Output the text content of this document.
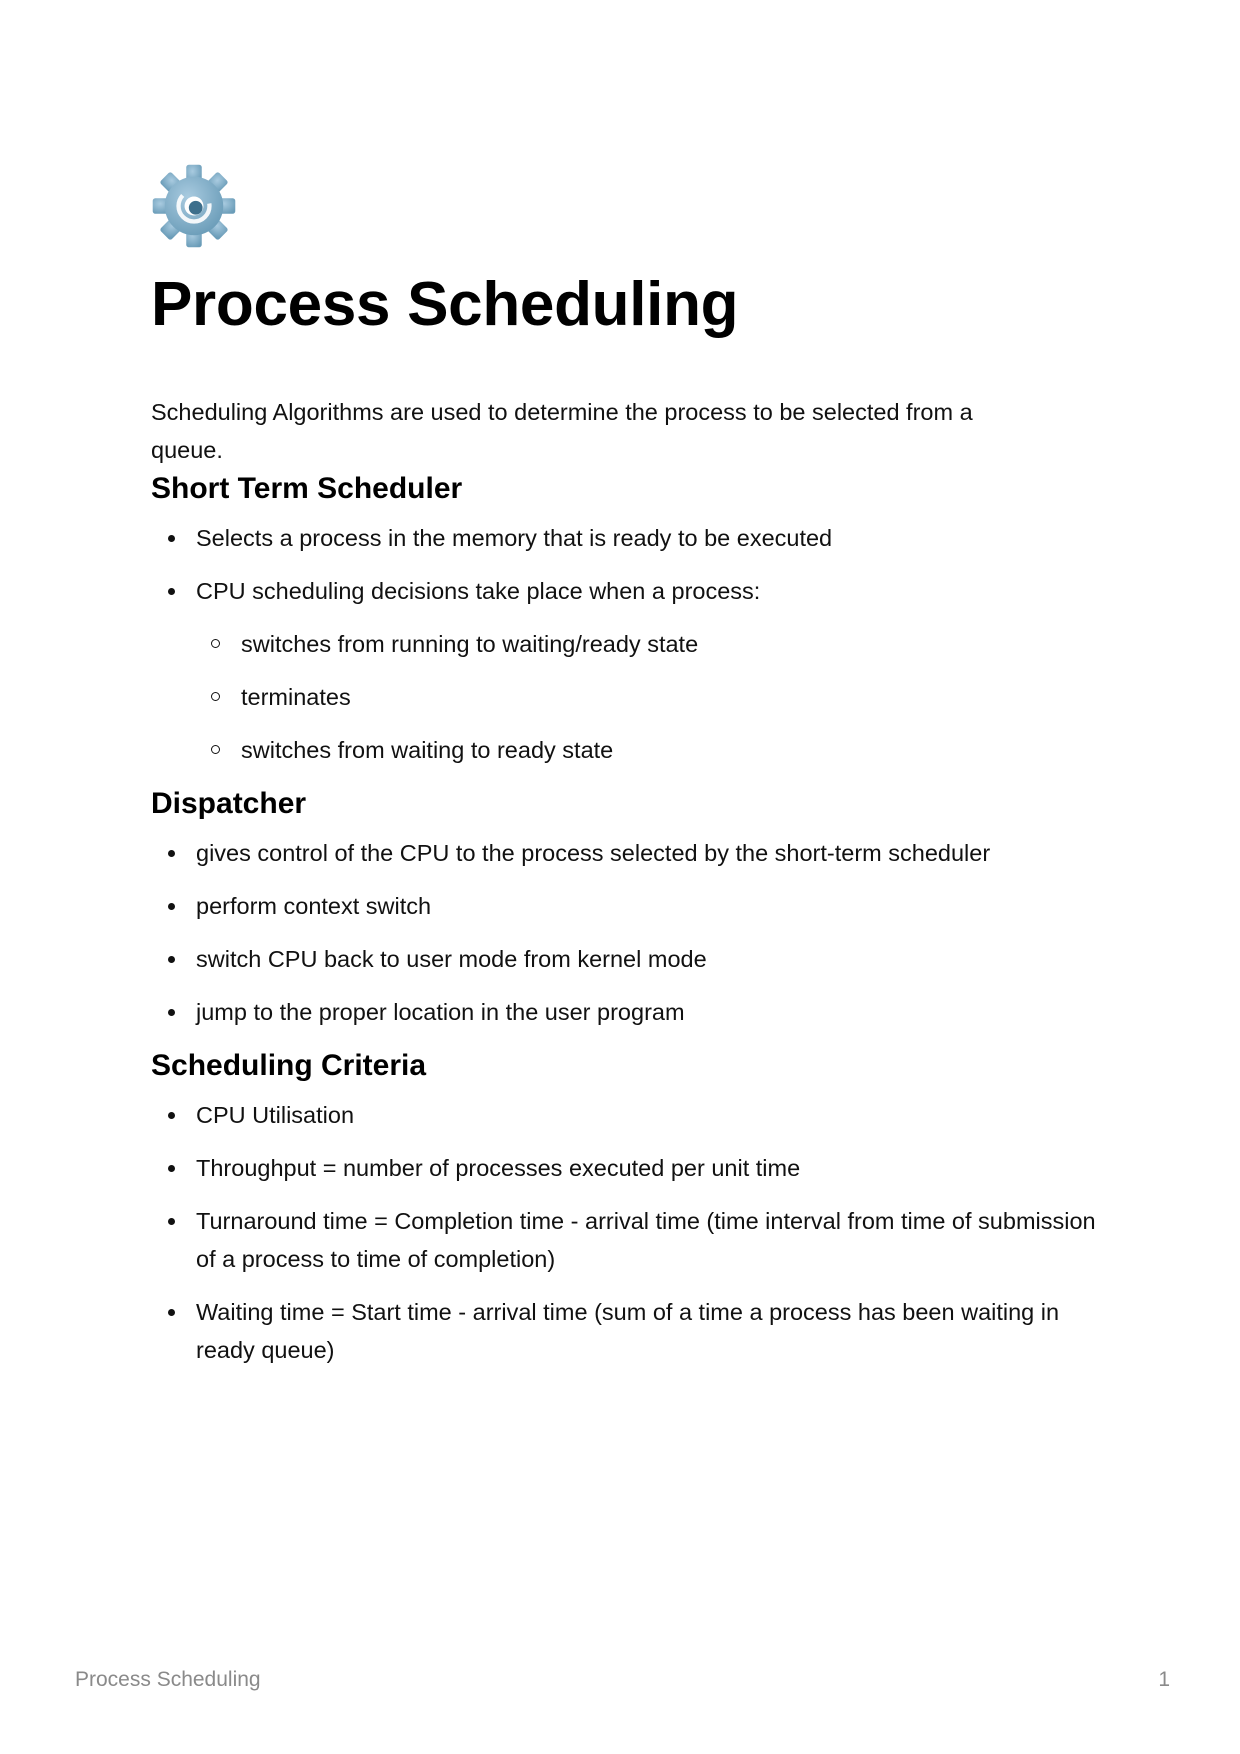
Process Scheduling

Scheduling Algorithms are used to determine the process to be selected from a queue.

Short Term Scheduler
Selects a process in the memory that is ready to be executed
CPU scheduling decisions take place when a process:
switches from running to waiting/ready state
terminates
switches from waiting to ready state
Dispatcher
gives control of the CPU to the process selected by the short-term scheduler
perform context switch
switch CPU back to user mode from kernel mode
jump to the proper location in the user program
Scheduling Criteria
CPU Utilisation
Throughput = number of processes executed per unit time
Turnaround time = Completion time - arrival time (time interval from time of submission of a process to time of completion)
Waiting time = Start time - arrival time (sum of a time a process has been waiting in ready queue)
Process Scheduling	1
